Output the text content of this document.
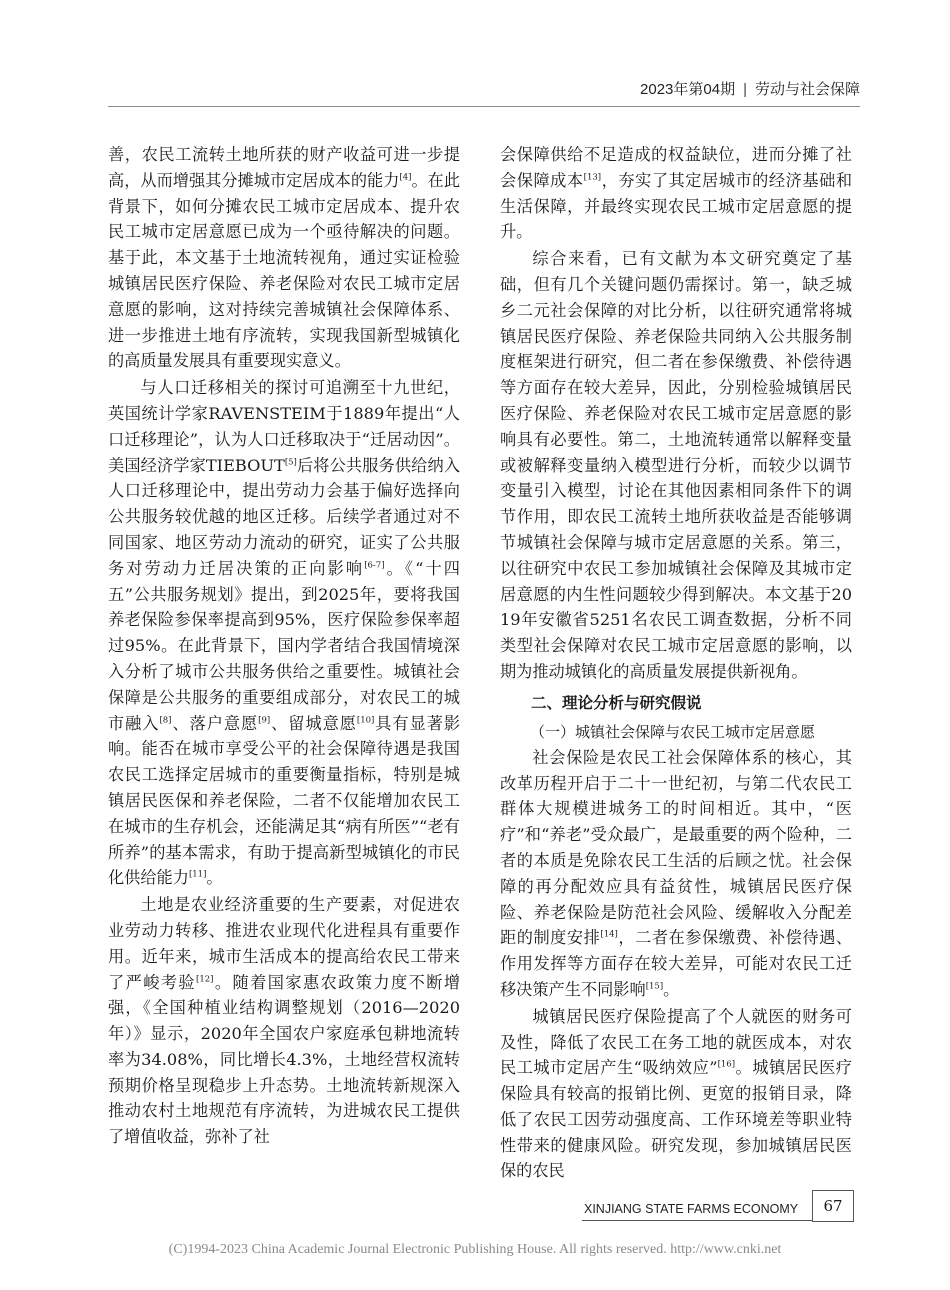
2023年第04期 | 劳动与社会保障

善，农民工流转土地所获的财产收益可进一步提高，从而增强其分摊城市定居成本的能力[4]。在此背景下，如何分摊农民工城市定居成本、提升农民工城市定居意愿已成为一个亟待解决的问题。基于此，本文基于土地流转视角，通过实证检验城镇居民医疗保险、养老保险对农民工城市定居意愿的影响，这对持续完善城镇社会保障体系、进一步推进土地有序流转，实现我国新型城镇化的高质量发展具有重要现实意义。

与人口迁移相关的探讨可追溯至十九世纪，英国统计学家RAVENSTEIM于1889年提出“人口迁移理论”，认为人口迁移取决于“迁居动因”。美国经济学家TIEBOUT[5]后将公共服务供给纳入人口迁移理论中，提出劳动力会基于偏好选择向公共服务较优越的地区迁移。后续学者通过对不同国家、地区劳动力流动的研究，证实了公共服务对劳动力迁居决策的正向影响[6-7]。《“十四五”公共服务规划》提出，到2025年，要将我国养老保险参保率提高到95%，医疗保险参保率超过95%。在此背景下，国内学者结合我国情境深入分析了城市公共服务供给之重要性。城镇社会保障是公共服务的重要组成部分，对农民工的城市融入[8]、落户意愿[9]、留城意愿[10]具有显著影响。能否在城市享受公平的社会保障待遇是我国农民工选择定居城市的重要衡量指标，特别是城镇居民医保和养老保险，二者不仅能增加农民工在城市的生存机会，还能满足其“病有所医”“老有所养”的基本需求，有助于提高新型城镇化的市民化供给能力[11]。

土地是农业经济重要的生产要素，对促进农业劳动力转移、推进农业现代化进程具有重要作用。近年来，城市生活成本的提高给农民工带来了严峻考验[12]。随着国家惠农政策力度不断增强，《全国种植业结构调整规划（2016—2020年）》显示，2020年全国农户家庭承包耕地流转率为34.08%，同比增长4.3%，土地经营权流转预期价格呈现稳步上升态势。土地流转新规深入推动农村土地规范有序流转，为进城农民工提供了增值收益，弥补了社

会保障供给不足造成的权益缺位，进而分摊了社会保障成本[13]，夯实了其定居城市的经济基础和生活保障，并最终实现农民工城市定居意愿的提升。

综合来看，已有文献为本文研究奠定了基础，但有几个关键问题仍需探讨。第一，缺乏城乡二元社会保障的对比分析，以往研究通常将城镇居民医疗保险、养老保险共同纳入公共服务制度框架进行研究，但二者在参保缴费、补偿待遇等方面存在较大差异，因此，分别检验城镇居民医疗保险、养老保险对农民工城市定居意愿的影响具有必要性。第二，土地流转通常以解释变量或被解释变量纳入模型进行分析，而较少以调节变量引入模型，讨论在其他因素相同条件下的调节作用，即农民工流转土地所获收益是否能够调节城镇社会保障与城市定居意愿的关系。第三，以往研究中农民工参加城镇社会保障及其城市定居意愿的内生性问题较少得到解决。本文基于2019年安徽省5251名农民工调查数据，分析不同类型社会保障对农民工城市定居意愿的影响，以期为推动城镇化的高质量发展提供新视角。

二、理论分析与研究假说
（一）城镇社会保障与农民工城市定居意愿

社会保险是农民工社会保障体系的核心，其改革历程开启于二十一世纪初，与第二代农民工群体大规模进城务工的时间相近。其中，“医疗”和“养老”受众最广，是最重要的两个险种，二者的本质是免除农民工生活的后顾之忧。社会保障的再分配效应具有益贫性，城镇居民医疗保险、养老保险是防范社会风险、缓解收入分配差距的制度安排[14]，二者在参保缴费、补偿待遇、作用发挥等方面存在较大差异，可能对农民工迁移决策产生不同影响[15]。

城镇居民医疗保险提高了个人就医的财务可及性，降低了农民工在务工地的就医成本，对农民工城市定居产生“吸纳效应”[16]。城镇居民医疗保险具有较高的报销比例、更宽的报销目录，降低了农民工因劳动强度高、工作环境差等职业特性带来的健康风险。研究发现，参加城镇居民医保的农民

XINJIANG STATE FARMS ECONOMY	67
(C)1994-2023 China Academic Journal Electronic Publishing House. All rights reserved. http://www.cnki.net
